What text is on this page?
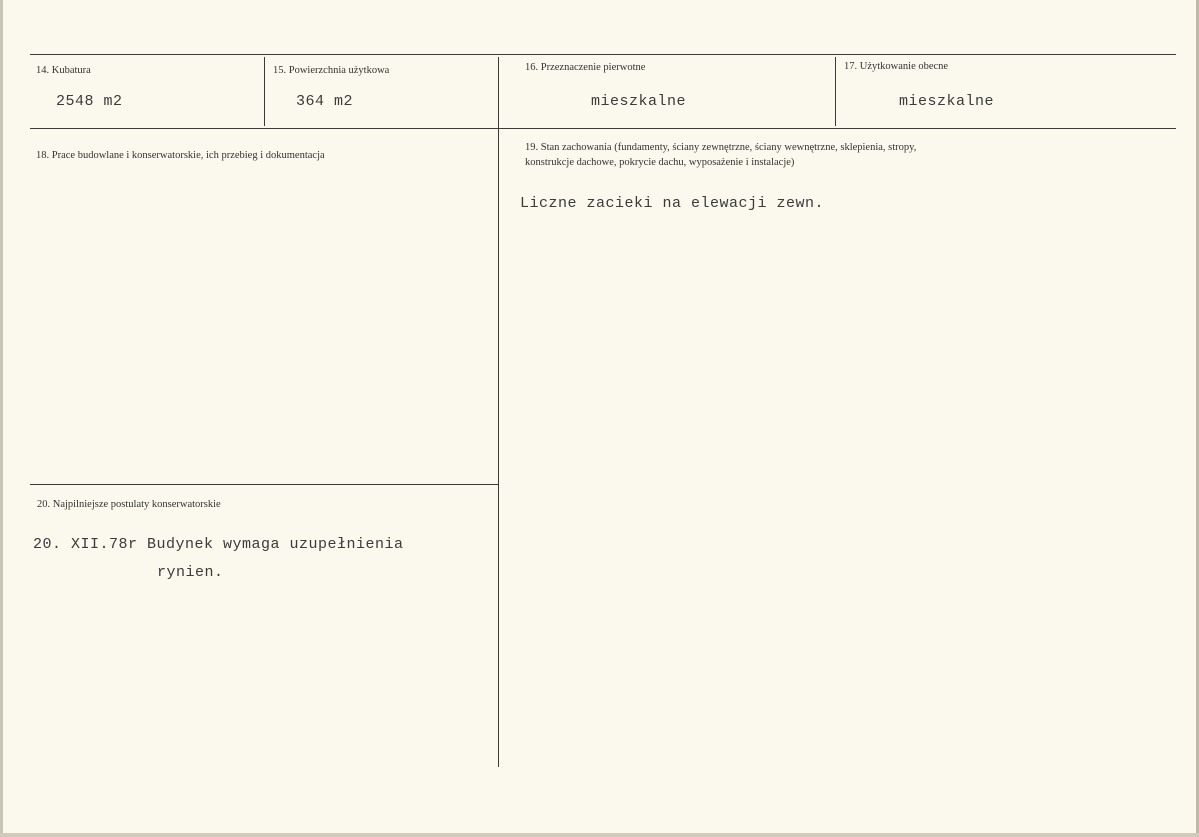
14. Kubatura
2548 m2
15. Powierzchnia użytkowa
364 m2
16. Przeznaczenie pierwotne
mieszkalne
17. Użytkowanie obecne
mieszkalne
18. Prace budowlane i konserwatorskie, ich przebieg i dokumentacja
19. Stan zachowania (fundamenty, ściany zewnętrzne, ściany wewnętrzne, sklepienia, stropy,
konstrukcje dachowe, pokrycie dachu, wyposażenie i instalacje)
Liczne zacieki na elewacji zewn.
20. Najpilniejsze postulaty konserwatorskie
20. XII.78r Budynek wymaga uzupełnienia
rynien.
